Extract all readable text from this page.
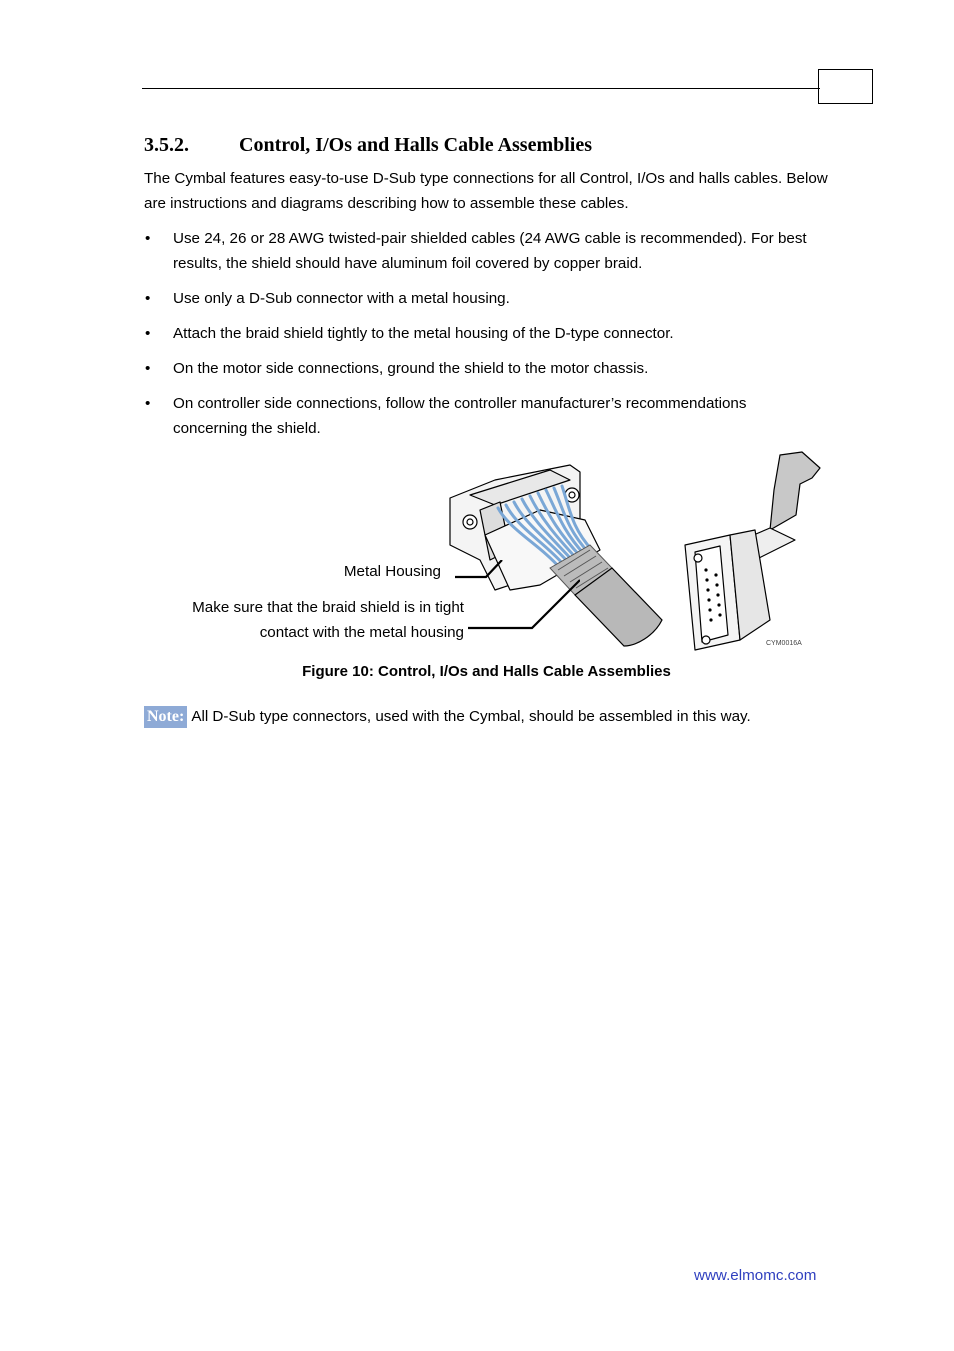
3.5.2.	Control, I/Os and Halls Cable Assemblies
The Cymbal features easy-to-use D-Sub type connections for all Control, I/Os and halls cables. Below are instructions and diagrams describing how to assemble these cables.
• Use 24, 26 or 28 AWG twisted-pair shielded cables (24 AWG cable is recommended). For best results, the shield should have aluminum foil covered by copper braid.
• Use only a D-Sub connector with a metal housing.
• Attach the braid shield tightly to the metal housing of the D-type connector.
• On the motor side connections, ground the shield to the motor chassis.
• On controller side connections, follow the controller manufacturer’s recommendations concerning the shield.
Metal Housing
Make sure that the braid shield is in tight contact with the metal housing
CYM0016A
Figure 10: Control, I/Os and Halls Cable Assemblies
Note: All D-Sub type connectors, used with the Cymbal, should be assembled in this way.
www.elmomc.com
